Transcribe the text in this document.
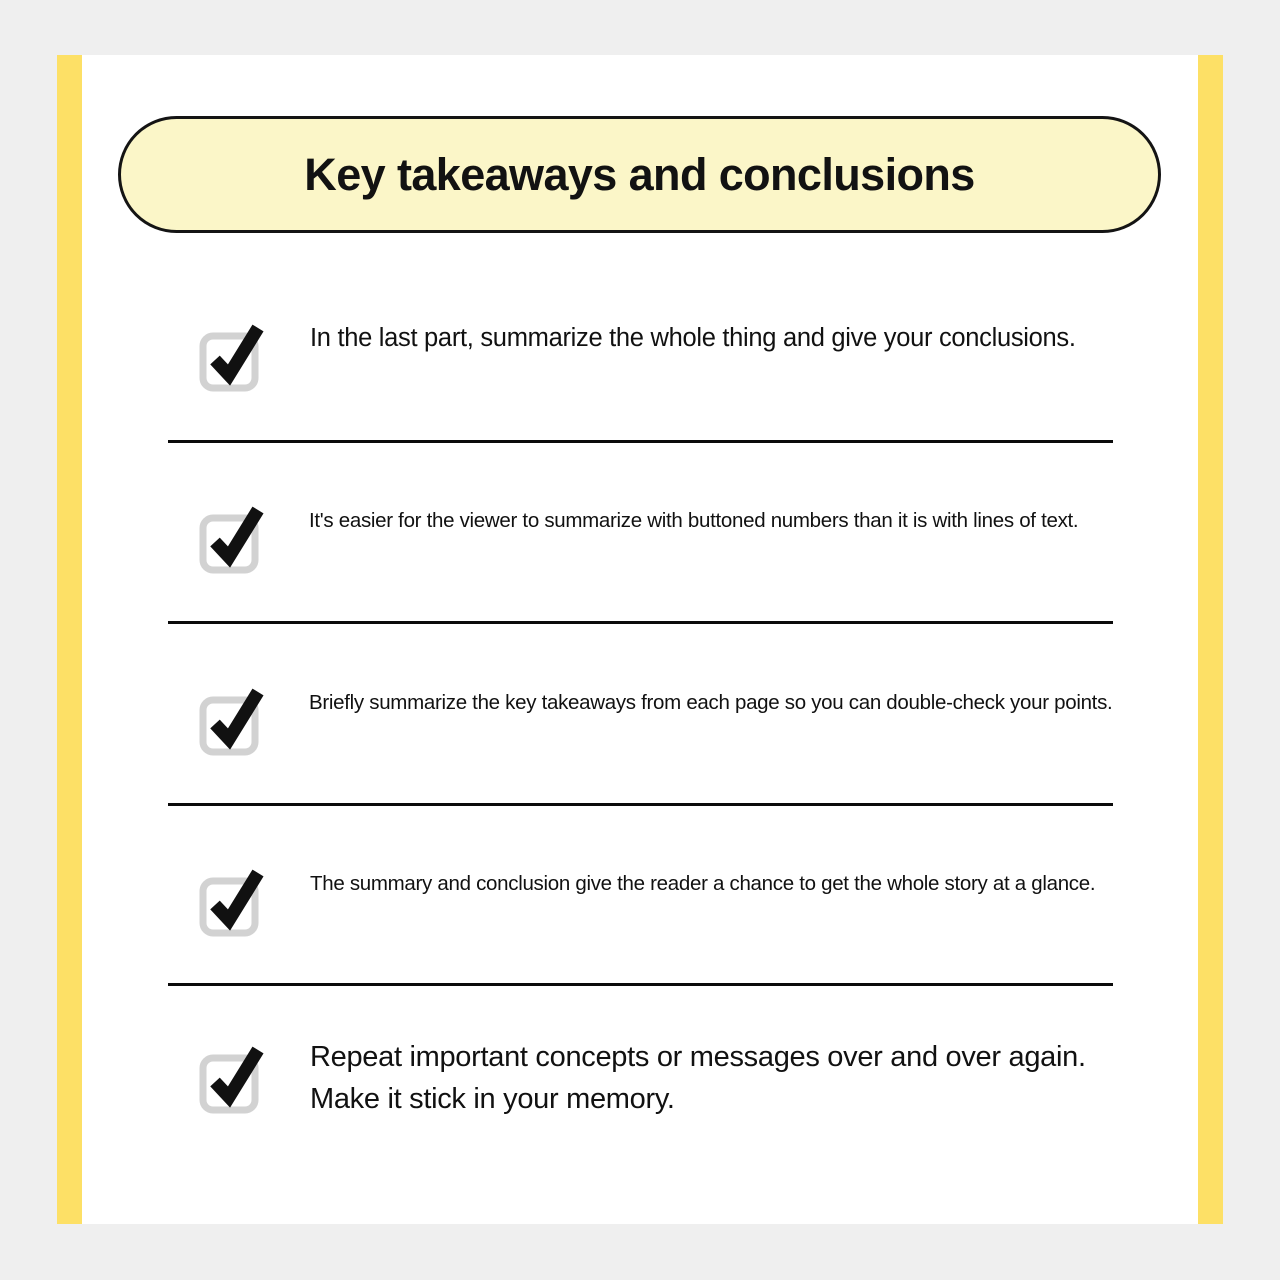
Key takeaways and conclusions
In the last part, summarize the whole thing and give your conclusions.
It's easier for the viewer to summarize with buttoned numbers than it is with lines of text.
Briefly summarize the key takeaways from each page so you can double-check your points.
The summary and conclusion give the reader a chance to get the whole story at a glance.
Repeat important concepts or messages over and over again.
Make it stick in your memory.
